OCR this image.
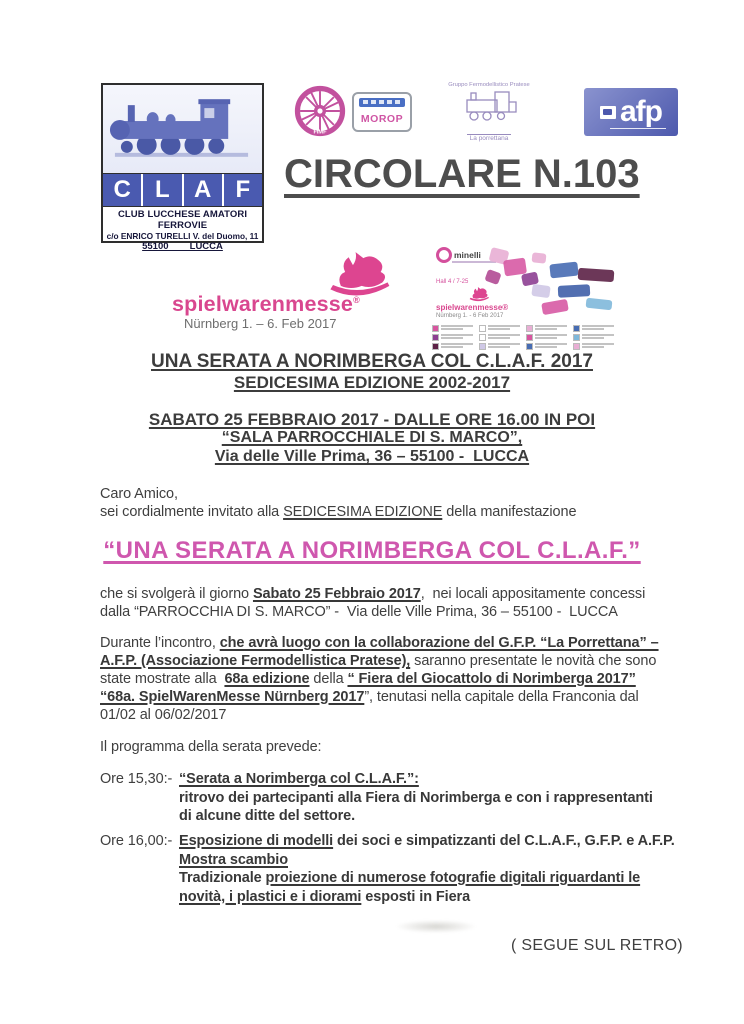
C	L	A	F
CLUB LUCCHESE AMATORI FERROVIE
c/o ENRICO TURELLI V. del Duomo, 11
55100        LUCCA
FIMF
MOROP
Gruppo Fermodellistico Pratese
La porrettana
afp
CIRCOLARE N.103
spielwarenmesse®
Nürnberg 1. – 6. Feb 2017
minelli
Hall 4 / 7-25
spielwarenmesse®
Nürnberg 1. - 6 Feb 2017
UNA SERATA A NORIMBERGA COL C.L.A.F. 2017
SEDICESIMA EDIZIONE 2002-2017
SABATO 25 FEBBRAIO 2017 - DALLE ORE 16.00 IN POI
“SALA PARROCCHIALE DI S. MARCO”,
Via delle Ville Prima, 36 – 55100 -  LUCCA
Caro Amico,
sei cordialmente invitato alla SEDICESIMA EDIZIONE della manifestazione
“UNA SERATA A NORIMBERGA COL C.L.A.F.”
che si svolgerà il giorno Sabato 25 Febbraio 2017,  nei locali appositamente concessi
dalla “PARROCCHIA DI S. MARCO” -  Via delle Ville Prima, 36 – 55100 -  LUCCA
Durante l’incontro, che avrà luogo con la collaborazione del G.F.P. “La Porrettana” –
A.F.P. (Associazione Fermodellistica Pratese), saranno presentate le novità che sono
state mostrate alla  68a edizione della “ Fiera del Giocattolo di Norimberga 2017”
“68a. SpielWarenMesse Nürnberg 2017”, tenutasi nella capitale della Franconia dal
01/02 al 06/02/2017
Il programma della serata prevede:
Ore 15,30:- “Serata a Norimberga col C.L.A.F.”:
ritrovo dei partecipanti alla Fiera di Norimberga e con i rappresentanti
di alcune ditte del settore.
Ore 16,00:- Esposizione di modelli dei soci e simpatizzanti del C.L.A.F., G.F.P. e A.F.P.
Mostra scambio
Tradizionale proiezione di numerose fotografie digitali riguardanti le
novità, i plastici e i diorami esposti in Fiera
( SEGUE SUL RETRO)
